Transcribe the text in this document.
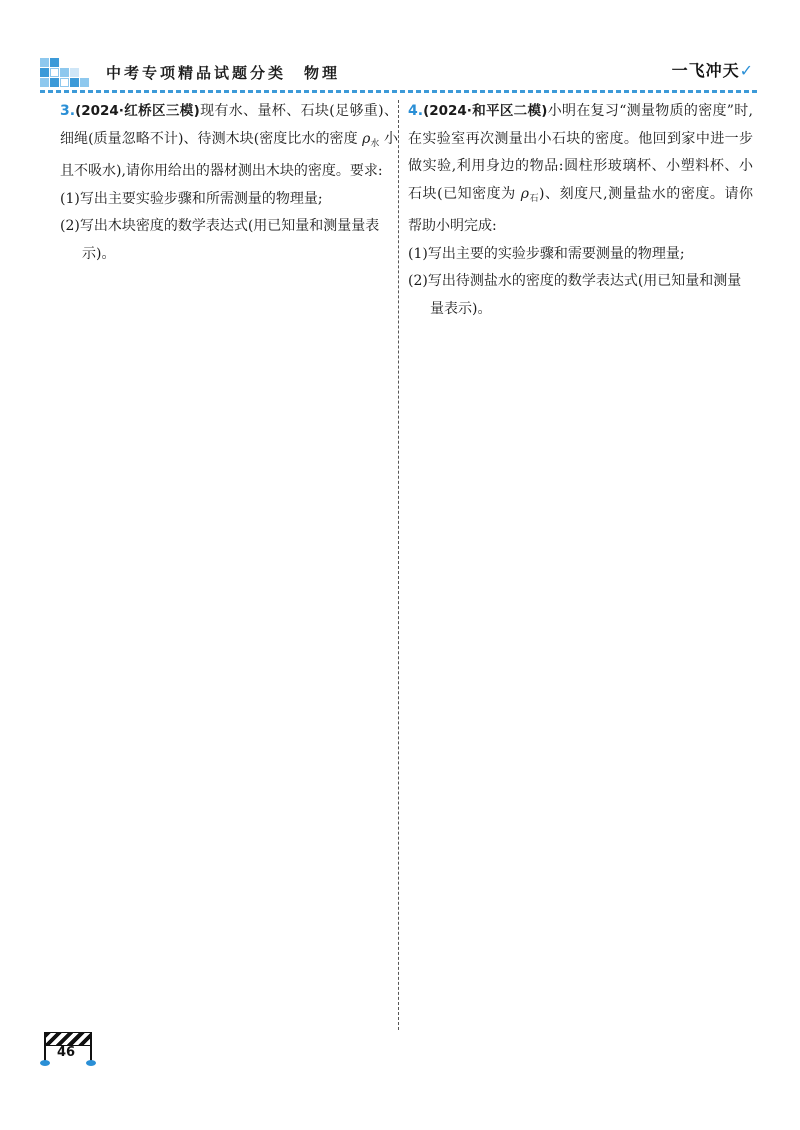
中考专项精品试题分类 物理	一飞冲天✓

3.(2024·红桥区三模)现有水、量杯、石块(足够重)、细绳(质量忽略不计)、待测木块(密度比水的密度 $\rho_水$ 小且不吸水),请你用给出的器材测出木块的密度。要求:

(1)写出主要实验步骤和所需测量的物理量;

(2)写出木块密度的数学表达式(用已知量和测量量表示)。

4.(2024·和平区二模)小明在复习“测量物质的密度”时,在实验室再次测量出小石块的密度。他回到家中进一步做实验,利用身边的物品:圆柱形玻璃杯、小塑料杯、小石块(已知密度为 $\rho_石$)、刻度尺,测量盐水的密度。请你帮助小明完成:

(1)写出主要的实验步骤和需要测量的物理量;

(2)写出待测盐水的密度的数学表达式(用已知量和测量量表示)。

46
